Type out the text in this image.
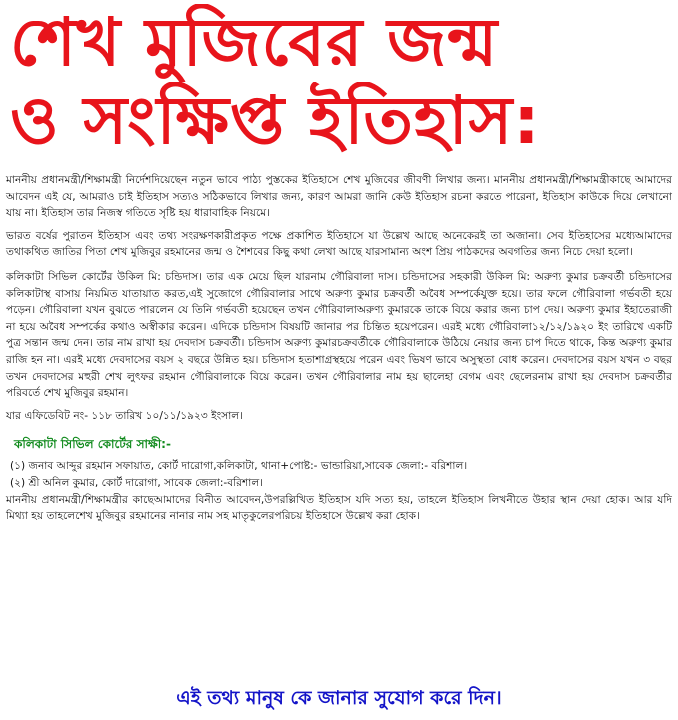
শেখ মুজিবের জন্ম
ও সংক্ষিপ্ত ইতিহাস:

মাননীয় প্রধানমন্ত্রী/শিক্ষামন্ত্রী নির্দেশদিয়েছেন নতুন ভাবে পাঠ্য পুস্তকের ইতিহাসে শেখ মুজিবের জীবণী লিখার জন্য। মাননীয় প্রধানমন্ত্রী/শিক্ষামন্ত্রীকাছে আমাদের আবেদন এই যে, আমরাও চাই ইতিহাস সত্যও সঠিকভাবে লিখার জন্য, কারণ আমরা জানি কেউ ইতিহাস রচনা করতে পারেনা, ইতিহাস কাউকে দিয়ে লেখানো যায় না। ইতিহাস তার নিজস্ব গতিতে সৃষ্টি হয় ধারাবাহিক নিয়মে।

ভারত বর্ষের পুরাতন ইতিহাস এবং তথ্য সংরক্ষণকারীপ্রকৃত পক্ষে প্রকাশিত ইতিহাসে যা উল্লেখ আছে অনেকেরই তা অজানা। সেব ইতিহাসের মধ্যেআমাদের তথাকথিত জাতির পিতা শেখ মুজিবুর রহমানের জন্ম ও শৈশবের কিছু কথা লেখা আছে যারসামান্য অংশ প্রিয় পাঠকদের অবগতির জন্য নিচে দেয়া হলো।

কলিকাটা সিভিল কোর্টের উকিল মি: চন্ডিদাস। তার এক মেয়ে ছিল যারনাম গৌরিবালা দাস। চন্ডিদাসের সহকারী উকিল মি: অরুণ্য কুমার চক্রবর্তী চন্ডিদাসের কলিকাটাস্থ বাসায় নিয়মিত যাতায়াত করত,এই সুজোগে গৌরিবালার সাথে অরুণ্য কুমার চক্রবর্তী অবৈধ সম্পর্কেযুক্ত হয়ে। তার ফলে গৌরিবালা গর্ভবতী হয়ে পড়েন। গৌরিবালা যখন বুঝতে পারলেন যে তিনি গর্ভবতী হয়েছেন তখন গৌরিবালাঅরুণ্য কুমারকে তাকে বিয়ে করার জন্য চাপ দেয়। অরুণ্য কুমার ইহাতেরাজী না হয়ে অবৈধ সম্পর্কের কথাও অস্বীকার করেন। এদিকে চন্ডিদাস বিষয়টি জানার পর চিন্তিত হয়েপরেন। এরই মধ্যে গৌরিবালা১২/১২/১৯২০ ইং তারিখে একটি পুত্র সন্তান জন্ম দেন। তার নাম রাখা হয় দেবদাস চক্রবর্তী। চন্ডিদাস অরুণ্য কুমারচক্রবর্তীকে গৌরিবালাকে উঠিয়ে নেয়ার জন্য চাপ দিতে থাকে, কিন্ত অরুণ্য কুমার রাজি হন না। এরই মধ্যে দেবদাসের বয়স ২ বছরে উন্নিত হয়। চন্ডিদাস হতাশাগ্রস্থহয়ে পরেন এবং ভিষণ ভাবে অসুস্থতা বোধ করেন। দেবদাসের বয়স যখন ৩ বছর তখন দেবদাসের মহুরী শেখ লুৎফর রহমান গৌরিবালাকে বিয়ে করেন। তখন গৌরিবালার নাম হয় ছালেহা বেগম এবং ছেলেরনাম রাখা হয় দেবদাস চক্রবর্তীর পরিবর্তে শেখ মুজিবুর রহমান।

যার এফিডেবিট নং- ১১৮ তারিখ ১০/১১/১৯২৩ ইংসাল।

কলিকাটা সিভিল কোর্টের সাক্ষী:-

(১) জনাব আব্দুর রহমান সফায়াত, কোর্ট দারোগা,কলিকাটা, থানা+পোষ্ট:- ভান্ডারিয়া,সাবেক জেলা:- বরিশাল।

(২) শ্রী অনিল কুমার, কোর্ট দারোগা, সাবেক জেলা:-বরিশাল।

মাননীয় প্রধানমন্ত্রী/শিক্ষামন্ত্রীর কাছেআমাদের বিনীত আবেদন,উপরল্লিখিত ইতিহাস যদি সত্য হয়, তাহলে ইতিহাস লিখনীতে উহার স্থান দেয়া হোক। আর যদি মিথ্যা হয় তাহলেশেখ মুজিবুর রহমানের নানার নাম সহ মাতৃকুলেরপরিচয় ইতিহাসে উল্লেখ করা হোক।

এই তথ্য মানুষ কে জানার সুযোগ করে দিন।
